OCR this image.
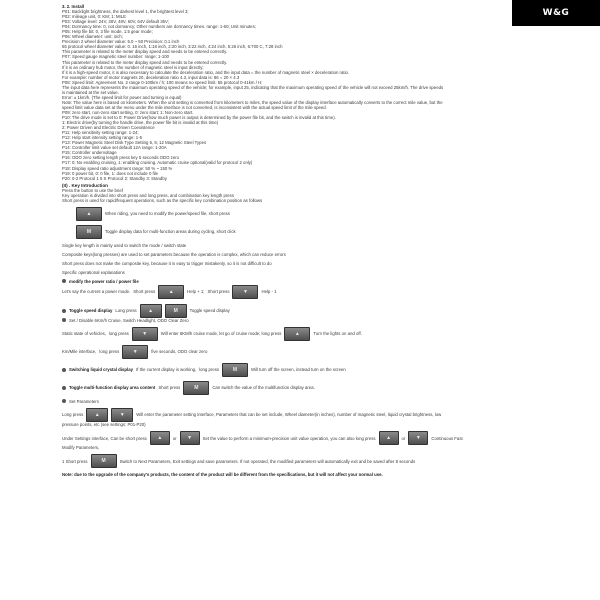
W&G
3. 2. Install
P01: Backlight brightness, the darkest level 1, the brightest level 3;
P02: mileage unit, 0: KM; 1: MILE
P03: Voltage level: 24V, 36V, 48V, 60V, 64V default 36V;
P04: Dormancy time: 0, not dormancy; Other numbers are dormancy times. range: 1-60; Unit minutes;
P05: Help file bit: 0, 3 file mode, 1:5 gear mode;
P06: Wheel diameter: unit: inch;
Precision 2 wheel diameter value: 5.0 ~ 50 Precision: 0.1 inch
55 protocol wheel diameter value: 0. 16 inch, 1:18 inch, 2:20 inch, 3:22 inch, 4:24 inch, 5:26 inch, 6:700 C, 7:28 inch
This parameter is related to the meter display speed and needs to be entered correctly.
P07: Speed gauge magnetic steel number: range: 1-100
This parameter is related to the meter display speed and needs to be entered correctly.
If it is an ordinary hub motor, the number of magnetic steel is input directly;
If it is a high-speed motor, it is also necessary to calculate the deceleration ratio, and the input data = the number of magnetic steel × deceleration ratio.
For example: number of motor magnets 20, deceleration ratio 4.3, input data is: 86 = 20 × 4.3
P08: Speed limit: Agreement No. 2 range 0-100km / h; 100 means no speed limit. 55 protocol 0-41km / H;
The input data here represents the maximum operating speed of the vehicle; for example, input 25, indicating that the maximum operating speed of the vehicle will not exceed 25km/h. The drive speeds
is maintained at the set value.
Error: ± 1km/h. (The speed limit for power and turning is equal)
Note: The value here is based on kilometers. When the unit setting is converted from kilometers to miles, the speed value of the display interface automatically converts to the correct mile value, but the
speed limit value data set at the menu under the mile interface is not converted, is inconsistent with the actual speed limit of the mile speed.
P09: zero start, non-zero start setting, 0: zero start; 1: Non-zero start.
P10: The drive mode is set to 0: Power Drive(how much power is output is determined by the power file bit, and the switch is invalid at this time).
1: Electric drive(by turning the handle drive, the power file bit is invalid at this time)
2: Power Driven and Electric Driven Coexistence
P11: Help sensitivity setting range: 1-24;
P12: Help start intensity setting range: 1-5
P13: Power Magnetic Steel Disk Type Setting 5, 8, 12 Magnetic Steel Types
P14: Controller limit value set default 12A range: 1-20A
P15: Controller undervoltage
P16: ODO zero setting length press key 5 seconds ODO zero
P17: 0: No enabling cruising, 1: enabling cruising. Automatic cruise optional(valid for protocol 2 only)
P18: Display speed ratio adjustment range: 50 % ~ 150 %
P19: 0 power bit, 0: 0 file, 1: does not include 0 file
P20: 0-2 Protocol 1 5 S Protocol 2: Standby 3: Standby
(II) . Key Introduction
Press the button to use the brief
Key operation is divided into short press and long press, and combination key length press
Short press is used for rapid/frequent operations, such as the specific key combination position as follows
▲	When riding, you need to modify the power/speed file, short press
M	Toggle display data for multi-function areas during cycling, short click
Single key length is mainly used to switch the mode / switch state
Composite keys(long presses) are used to set parameters because the operation is complex, which can reduce errors
Short press does not make the composite key, because it is easy to trigger mistakenly, so it is not difficult to do
Specific operational explanations
modify the power ratio / power file
Let's say the current a power mode. Short press	▲	Help + 1; Short press	▼	Help - 1
Toggle speed display Long press ▲	M	Toggle speed display
Set / Disable 6Km/h Cruise, Switch Headlight, ODO Clear Zero
Static state of vehicles, long press	▼	Will enter 6KM/h cruise mode, let go of cruise mode; long press	▲	Turn the lights on and off.
Km/Mile interface, long press	▼	five seconds, ODO clear zero
Switching liquid crystal display If the current display is working, long press	M	Will turn off the screen, instead turn on the screen
Toggle multi-function display area content Short press	M	Can switch the value of the multifunction display area.
Set Parameters
Long press ▲	▼	Will enter the parameter setting interface, Parameters that can be set include, Wheel diameter(in inches), number of magnetic steel, liquid crystal brightness, low
pressure points, etc (see settings: P01-P20)
Under Settings interface, Can be short press ▲ or ▼ Set the value to perform a minimum-precision unit value operation, you can also long press ▲ or ▼ Continuous Fast
Modify Parameters,
1 Short press	M	Switch to Next Parameters, Exit settings and save parameters. If not operated, the modified parameters will automatically exit and be saved after 8 seconds
Note: due to the upgrade of the company's products, the content of the product will be different from the specifications, but it will not affect your normal use.
